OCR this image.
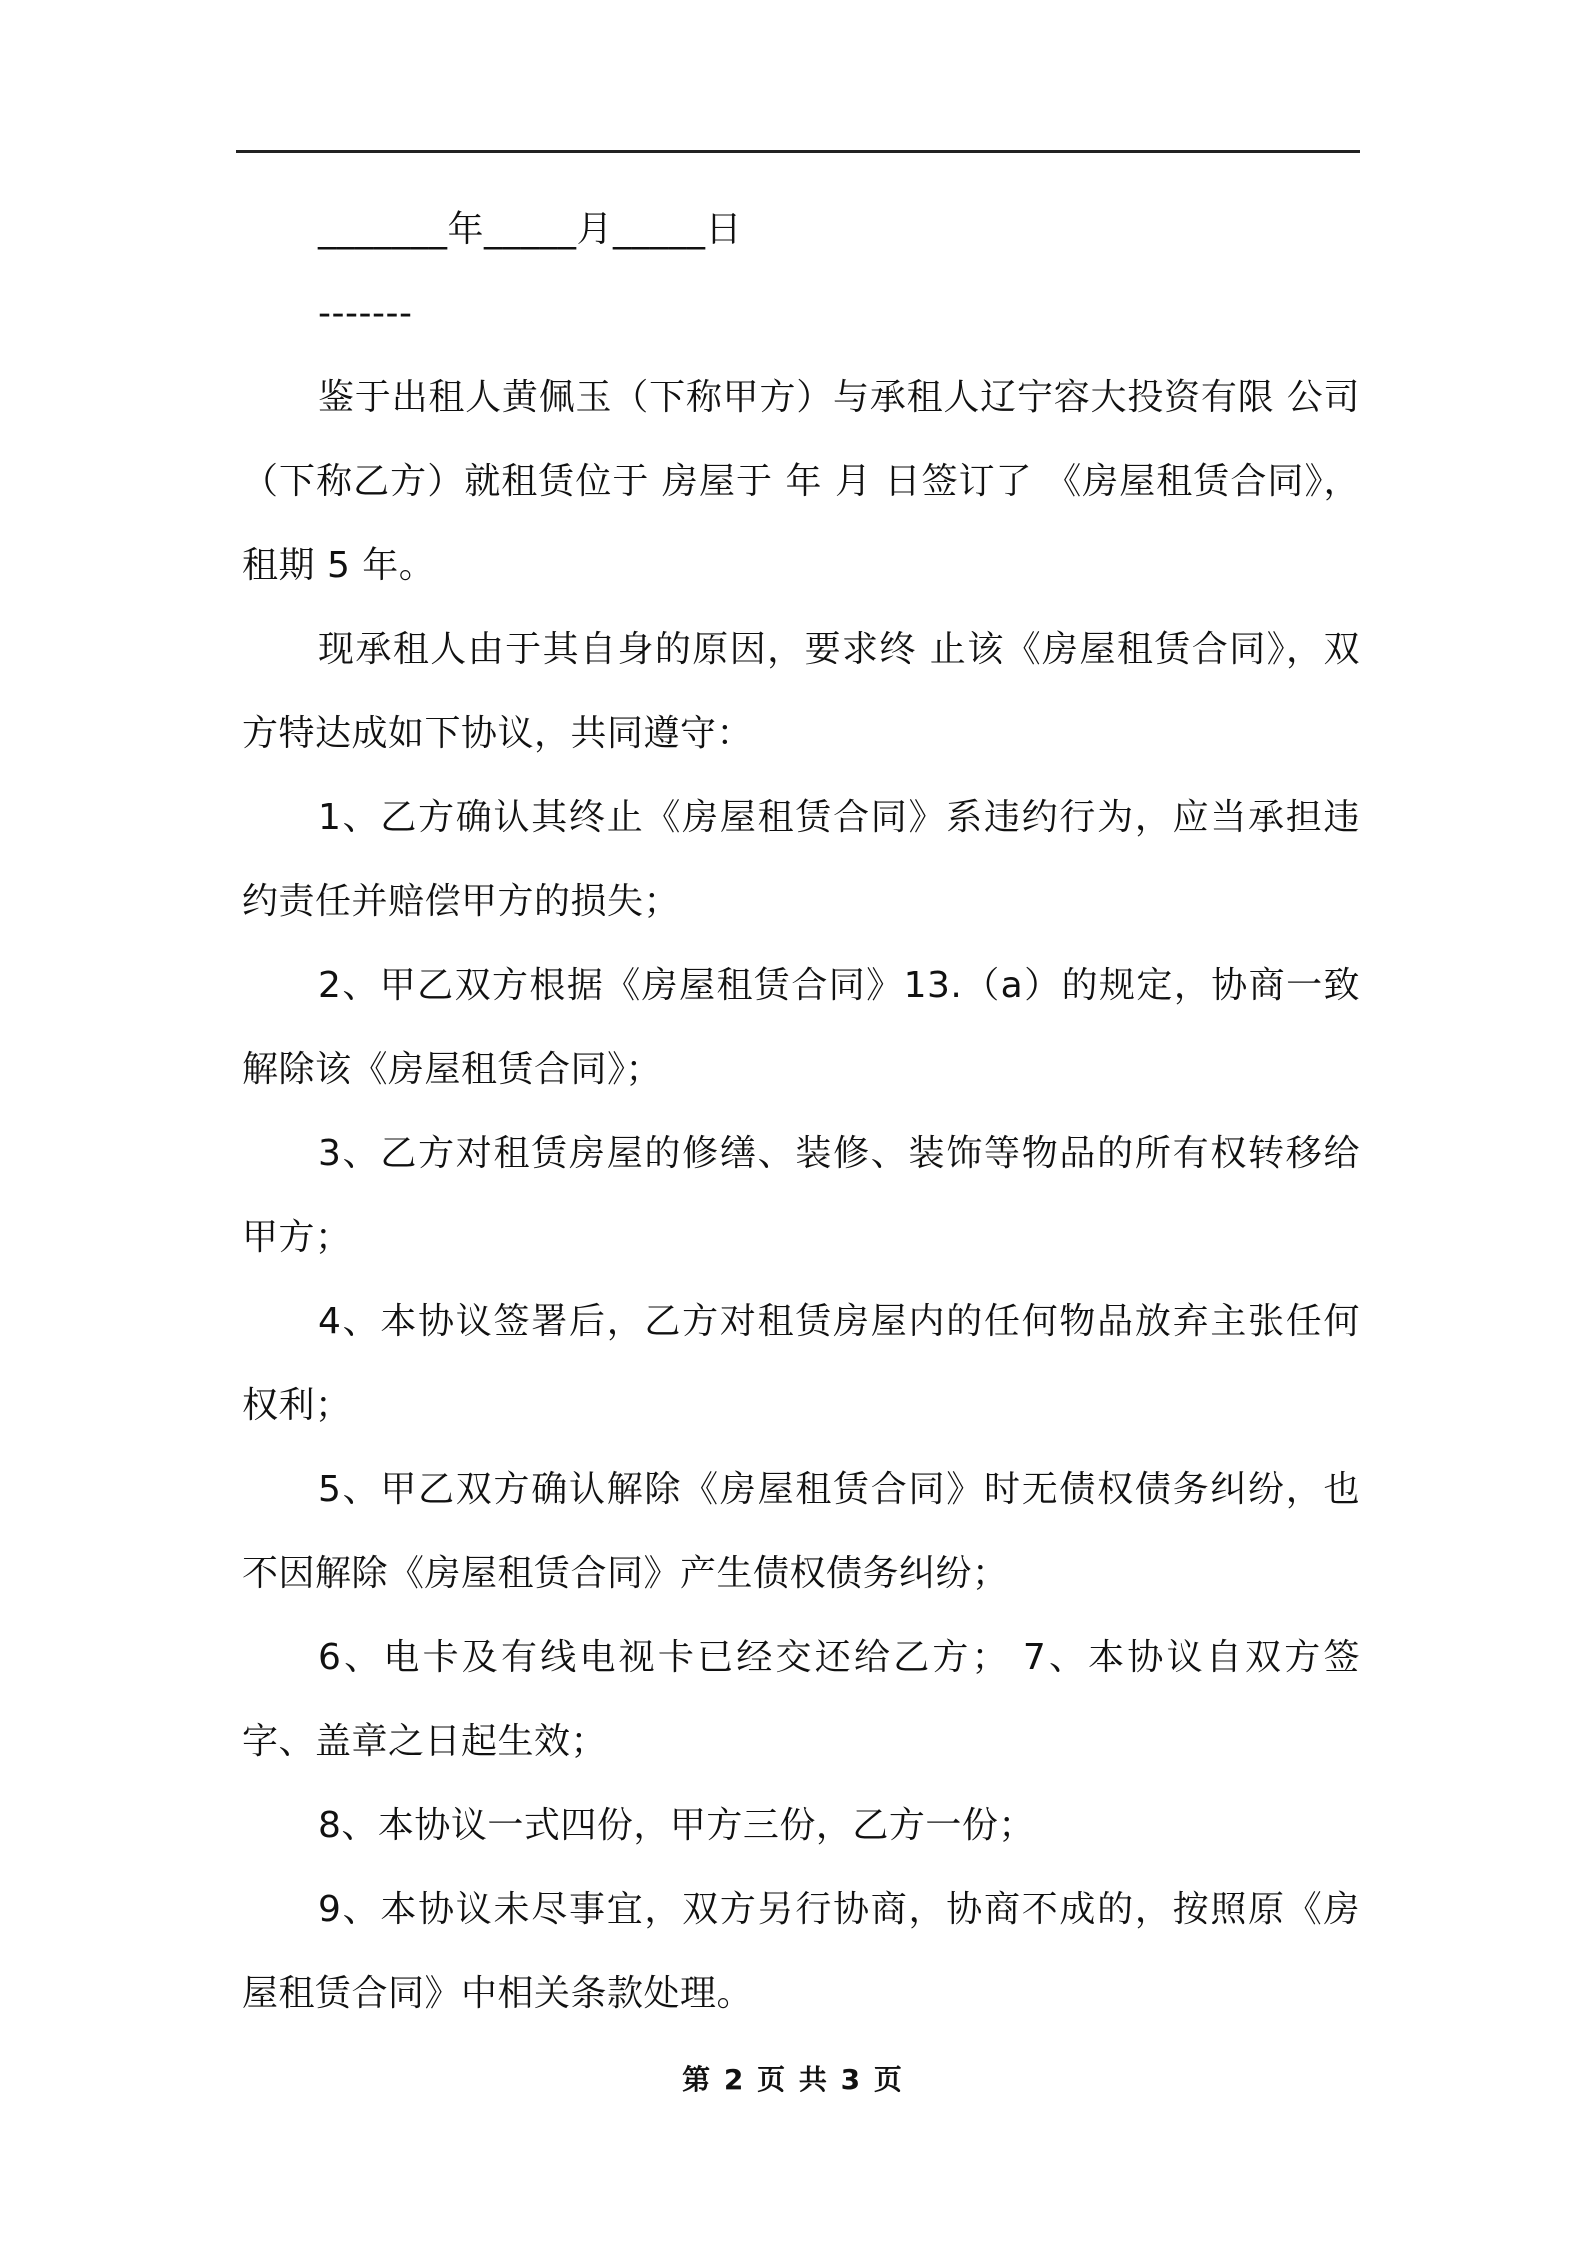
_______年_____月_____日

-------

鉴于出租人黄佩玉（下称甲方）与承租人辽宁容大投资有限 公司（下称乙方）就租赁位于 房屋于 年 月 日签订了 《房屋租赁合同》，租期 5 年。

现承租人由于其自身的原因，要求终 止该《房屋租赁合同》，双方特达成如下协议，共同遵守：

1、乙方确认其终止《房屋租赁合同》系违约行为，应当承担违 约责任并赔偿甲方的损失；

2、甲乙双方根据《房屋租赁合同》13.（a）的规定，协商一致 解除该《房屋租赁合同》；

3、乙方对租赁房屋的修缮、装修、装饰等物品的所有权转移给 甲方；

4、本协议签署后，乙方对租赁房屋内的任何物品放弃主张任何权利；

5、甲乙双方确认解除《房屋租赁合同》时无债权债务纠纷，也 不因解除《房屋租赁合同》产生债权债务纠纷；

6、电卡及有线电视卡已经交还给乙方； 7、本协议自双方签字、盖章之日起生效；

8、本协议一式四份，甲方三份，乙方一份；

9、本协议未尽事宜，双方另行协商，协商不成的，按照原《房 屋租赁合同》中相关条款处理。

第 2 页 共 3 页
